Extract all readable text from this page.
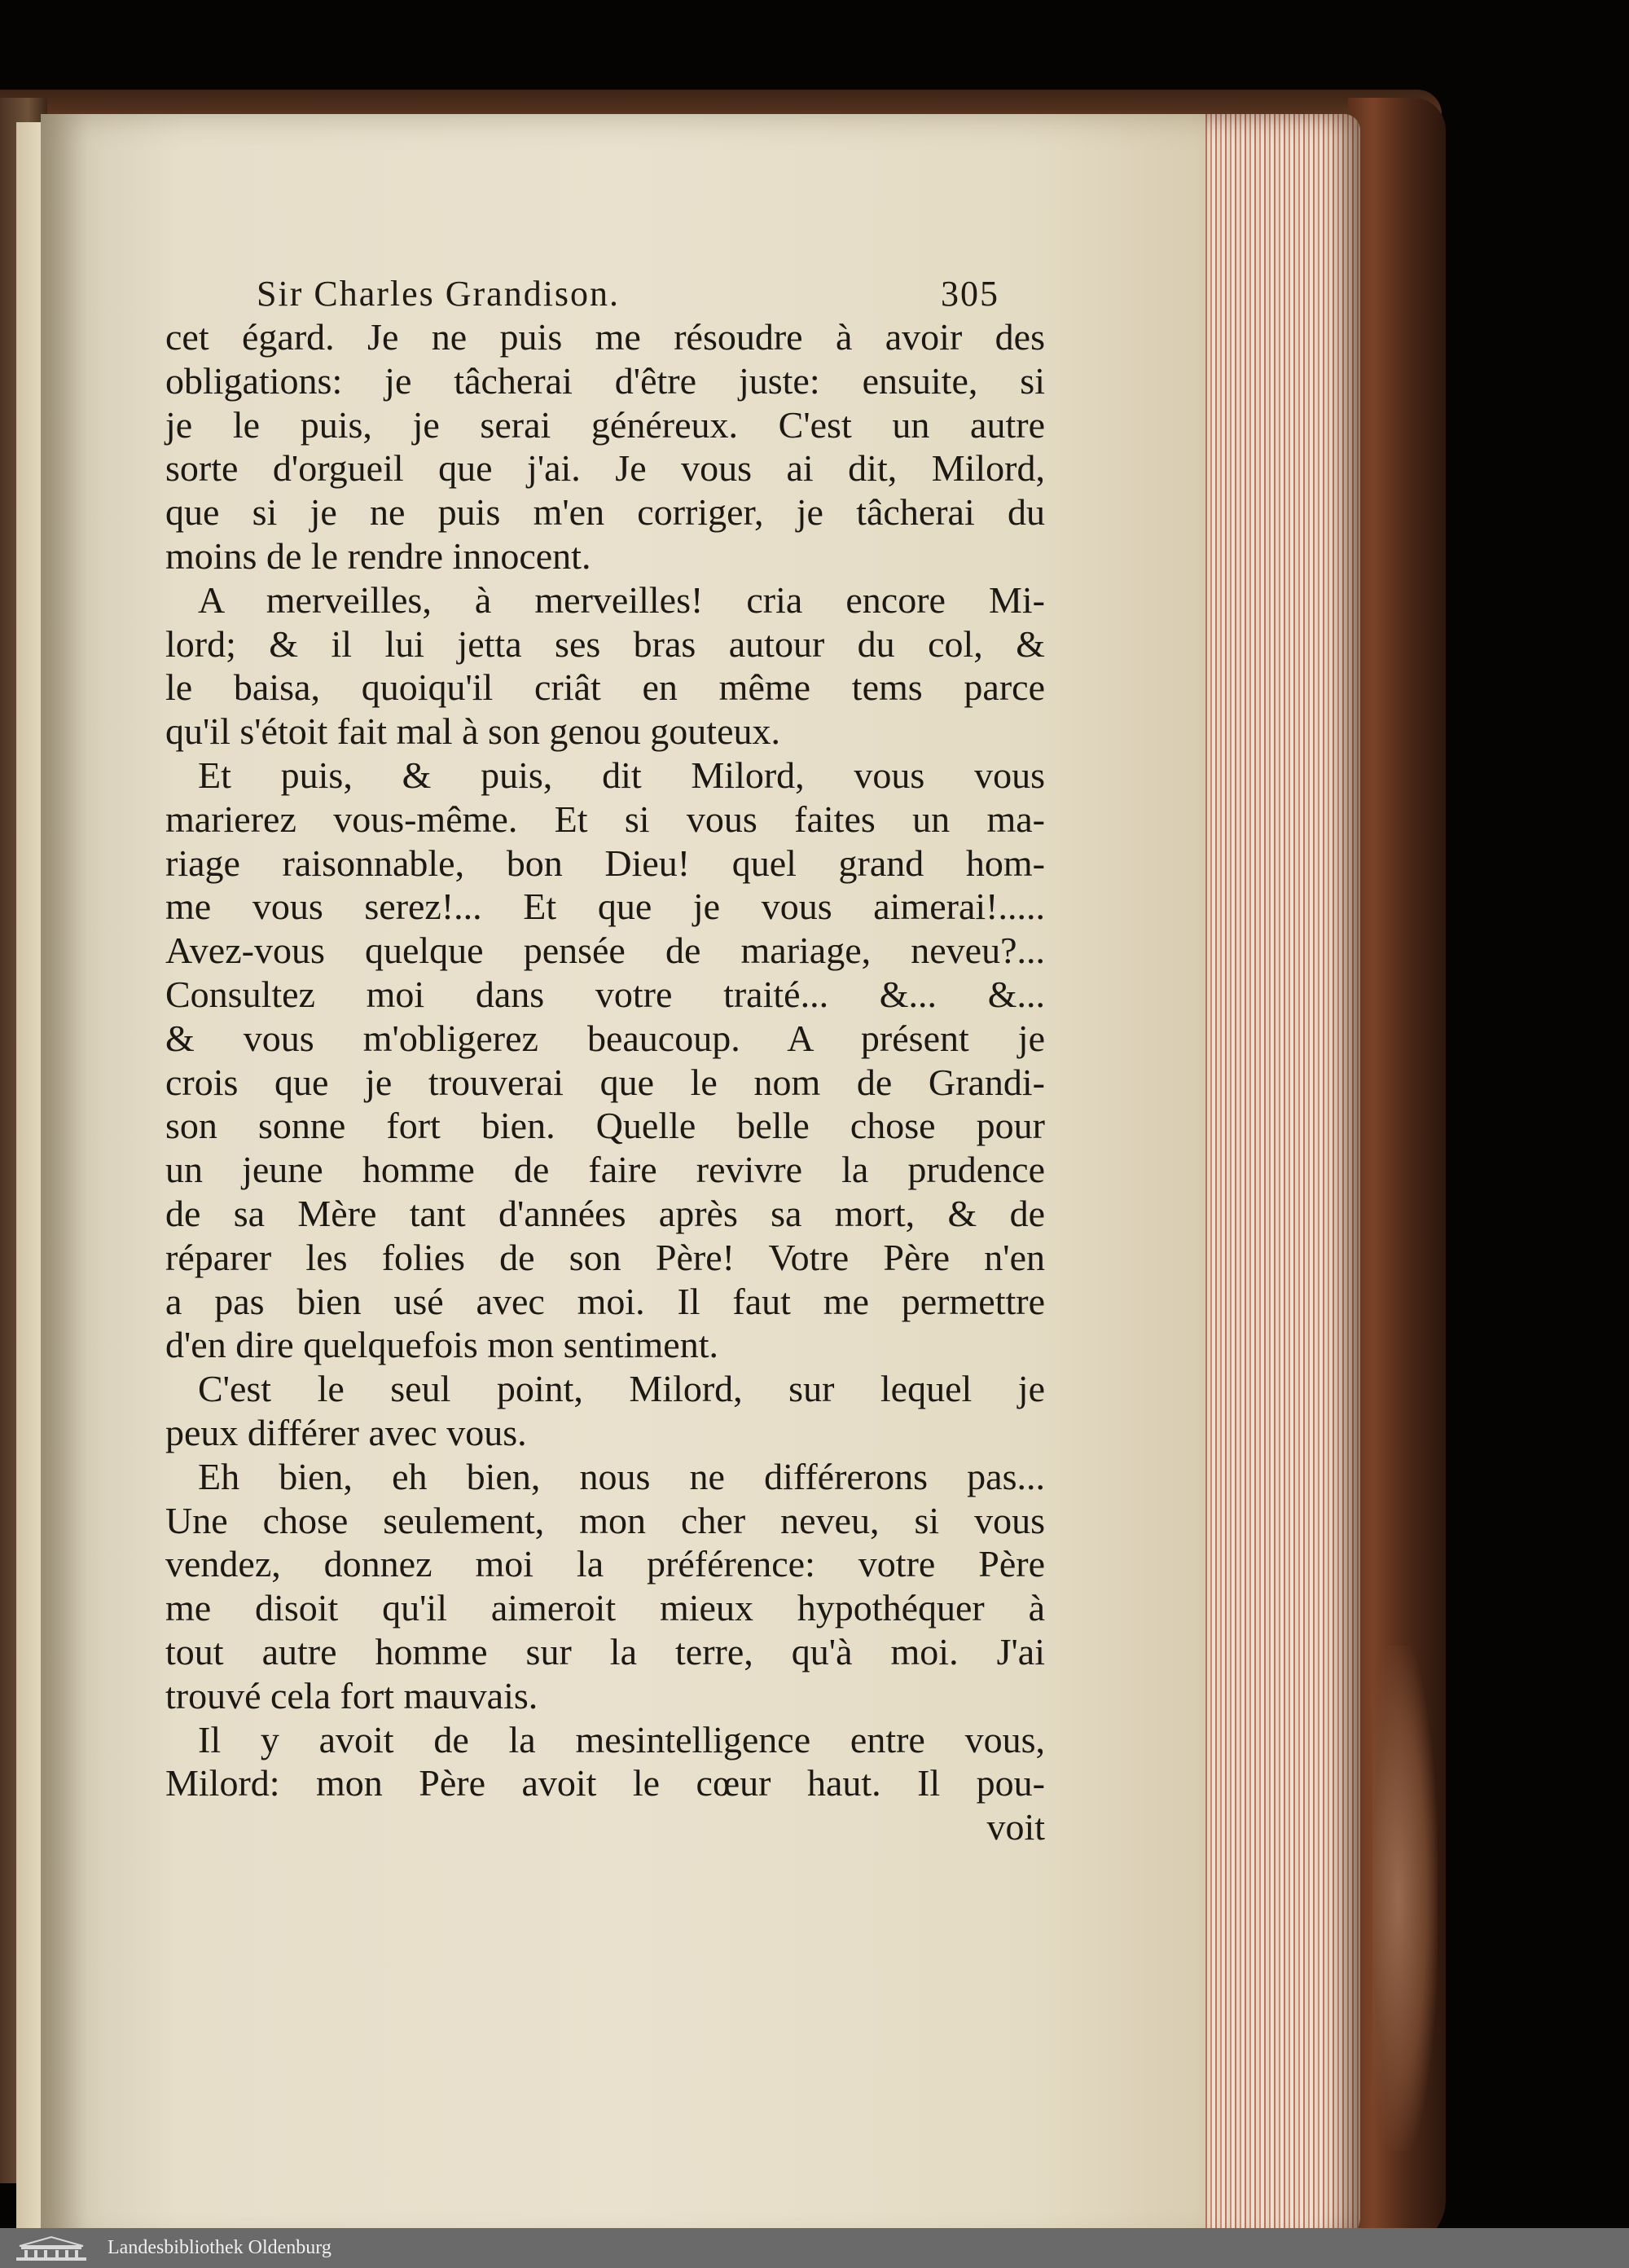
Sir Charles Grandison.	305
cet égard. Je ne puis me résoudre à avoir des
obligations: je tâcherai d'être juste: ensuite, si
je le puis, je serai généreux. C'est un autre
sorte d'orgueil que j'ai. Je vous ai dit, Milord,
que si je ne puis m'en corriger, je tâcherai du
moins de le rendre innocent.
A merveilles, à merveilles! cria encore Mi-
lord; & il lui jetta ses bras autour du col, &
le baisa, quoiqu'il criât en même tems parce
qu'il s'étoit fait mal à son genou gouteux.
Et puis, & puis, dit Milord, vous vous
marierez vous-même. Et si vous faites un ma-
riage raisonnable, bon Dieu! quel grand hom-
me vous serez!... Et que je vous aimerai!.....
Avez-vous quelque pensée de mariage, neveu?...
Consultez moi dans votre traité... &... &...
& vous m'obligerez beaucoup. A présent je
crois que je trouverai que le nom de Grandi-
son sonne fort bien. Quelle belle chose pour
un jeune homme de faire revivre la prudence
de sa Mère tant d'années après sa mort, & de
réparer les folies de son Père! Votre Père n'en
a pas bien usé avec moi. Il faut me permettre
d'en dire quelquefois mon sentiment.
C'est le seul point, Milord, sur lequel je
peux différer avec vous.
Eh bien, eh bien, nous ne différerons pas...
Une chose seulement, mon cher neveu, si vous
vendez, donnez moi la préférence: votre Père
me disoit qu'il aimeroit mieux hypothéquer à
tout autre homme sur la terre, qu'à moi. J'ai
trouvé cela fort mauvais.
Il y avoit de la mesintelligence entre vous,
Milord: mon Père avoit le cœur haut. Il pou-
voit
Landesbibliothek Oldenburg
